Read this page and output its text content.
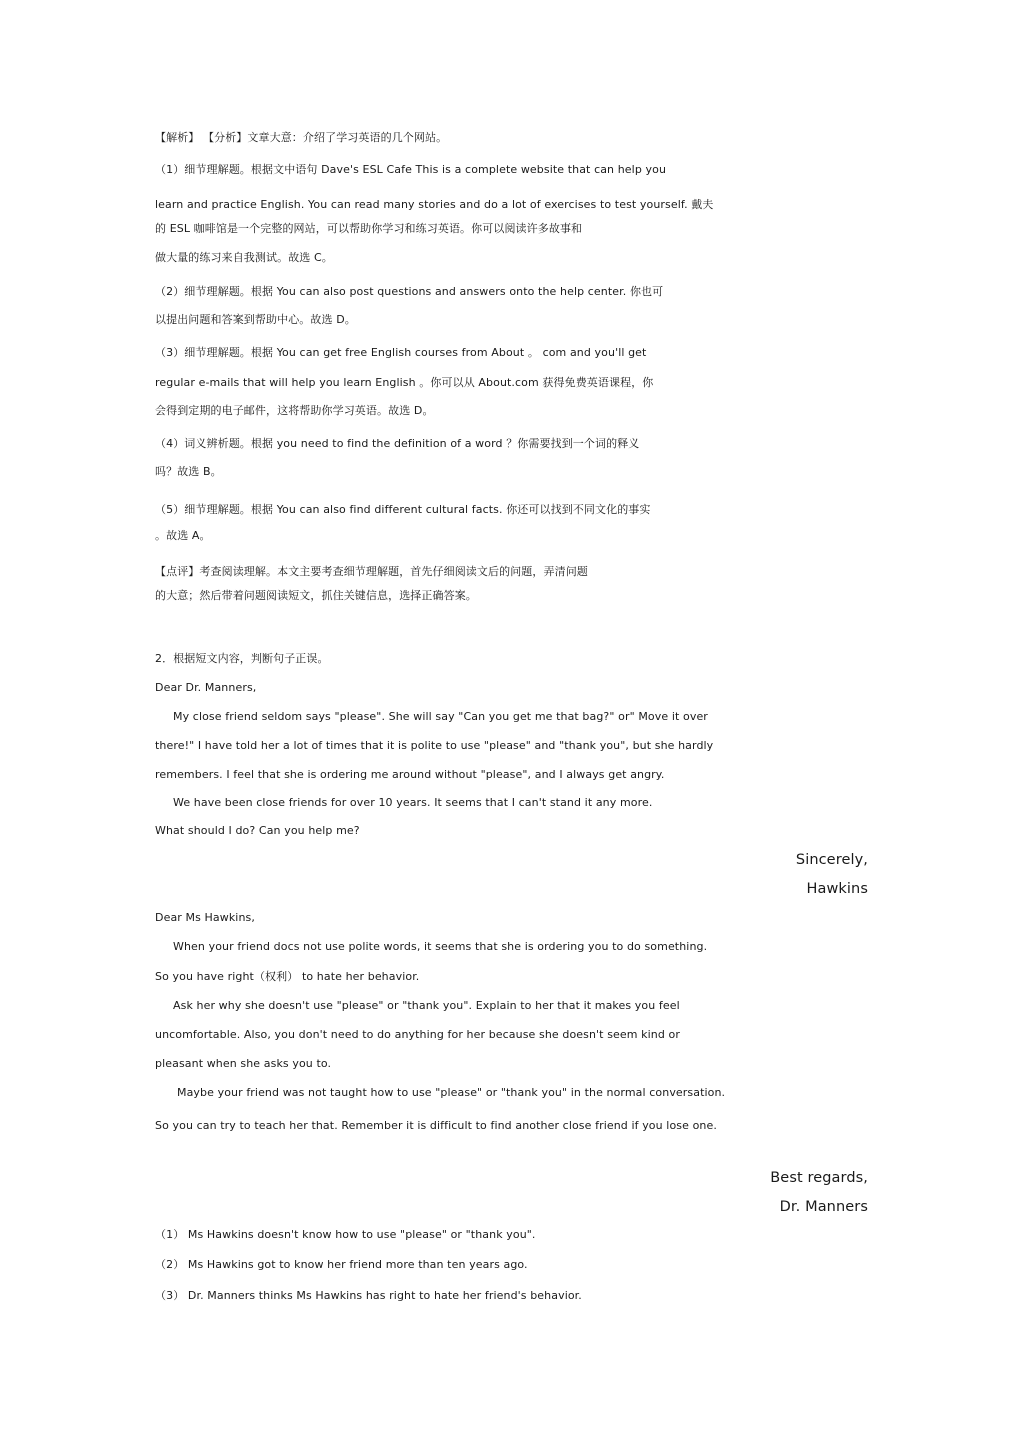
【解析】 【分析】文章大意：介绍了学习英语的几个网站。
（1）细节理解题。根据文中语句 Dave's ESL Cafe This is a complete website that can help you
learn and practice English. You can read many stories and do a lot of exercises to test yourself. 戴夫
的 ESL 咖啡馆是一个完整的网站，可以帮助你学习和练习英语。你可以阅读许多故事和
做大量的练习来自我测试。故选 C。
（2）细节理解题。根据 You can also post questions and answers onto the help center. 你也可
以提出问题和答案到帮助中心。故选 D。
（3）细节理解题。根据 You can get free English courses from About 。 com and you'll get
regular e-mails that will help you learn English 。你可以从 About.com 获得免费英语课程，你
会得到定期的电子邮件，这将帮助你学习英语。故选 D。
（4）词义辨析题。根据 you need to find the definition of a word ？你需要找到一个词的释义
吗？故选 B。
（5）细节理解题。根据 You can also find different cultural facts. 你还可以找到不同文化的事实
。故选 A。
【点评】考查阅读理解。本文主要考查细节理解题，首先仔细阅读文后的问题，弄清问题
的大意；然后带着问题阅读短文，抓住关键信息，选择正确答案。
2．根据短文内容，判断句子正误。
Dear Dr. Manners,
My close friend seldom says "please". She will say "Can you get me that bag?" or" Move it over
there!" I have told her a lot of times that it is polite to use "please" and "thank you", but she hardly
remembers. I feel that she is ordering me around without "please", and I always get angry.
We have been close friends for over 10 years. It seems that I can't stand it any more.
What should I do? Can you help me?
Sincerely,
Hawkins
Dear Ms Hawkins,
When your friend docs not use polite words, it seems that she is ordering you to do something.
So you have right（权利） to hate her behavior.
Ask her why she doesn't use "please" or "thank you". Explain to her that it makes you feel
uncomfortable. Also, you don't need to do anything for her because she doesn't seem kind or
pleasant when she asks you to.
Maybe your friend was not taught how to use "please" or "thank you" in the normal conversation.
So you can try to teach her that. Remember it is difficult to find another close friend if you lose one.
Best regards,
Dr. Manners
（1） Ms Hawkins doesn't know how to use "please" or "thank you".
（2） Ms Hawkins got to know her friend more than ten years ago.
（3） Dr. Manners thinks Ms Hawkins has right to hate her friend's behavior.
